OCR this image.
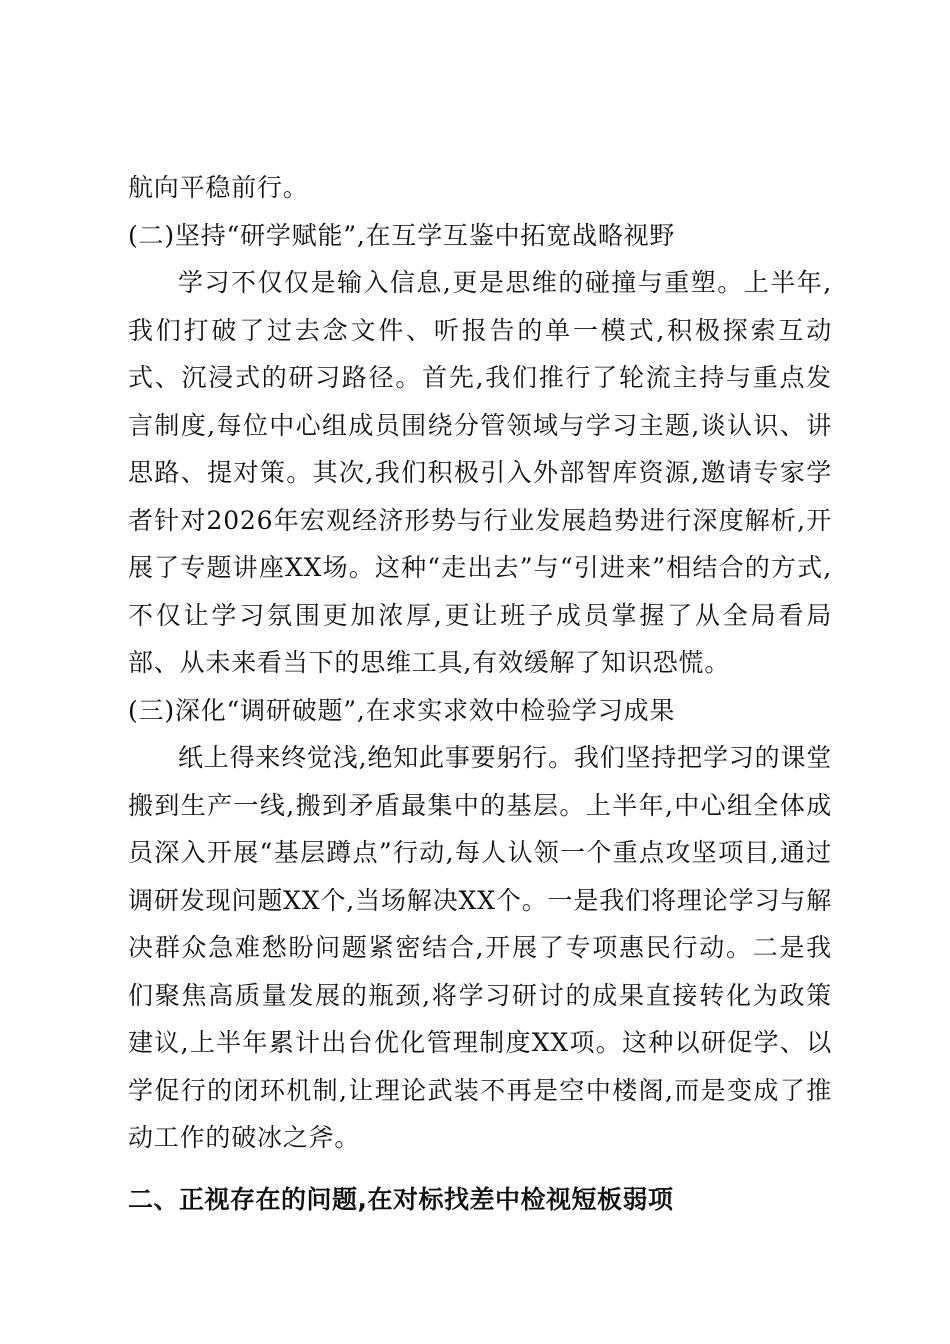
航向平稳前行。

(二)坚持“研学赋能”,在互学互鉴中拓宽战略视野

学习不仅仅是输入信息,更是思维的碰撞与重塑。上半年,我们打破了过去念文件、听报告的单一模式,积极探索互动式、沉浸式的研习路径。首先,我们推行了轮流主持与重点发言制度,每位中心组成员围绕分管领域与学习主题,谈认识、讲思路、提对策。其次,我们积极引入外部智库资源,邀请专家学者针对2026年宏观经济形势与行业发展趋势进行深度解析,开展了专题讲座XX场。这种“走出去”与“引进来”相结合的方式,不仅让学习氛围更加浓厚,更让班子成员掌握了从全局看局部、从未来看当下的思维工具,有效缓解了知识恐慌。

(三)深化“调研破题”,在求实求效中检验学习成果

纸上得来终觉浅,绝知此事要躬行。我们坚持把学习的课堂搬到生产一线,搬到矛盾最集中的基层。上半年,中心组全体成员深入开展“基层蹲点”行动,每人认领一个重点攻坚项目,通过调研发现问题XX个,当场解决XX个。一是我们将理论学习与解决群众急难愁盼问题紧密结合,开展了专项惠民行动。二是我们聚焦高质量发展的瓶颈,将学习研讨的成果直接转化为政策建议,上半年累计出台优化管理制度XX项。这种以研促学、以学促行的闭环机制,让理论武装不再是空中楼阁,而是变成了推动工作的破冰之斧。

二、正视存在的问题,在对标找差中检视短板弱项
